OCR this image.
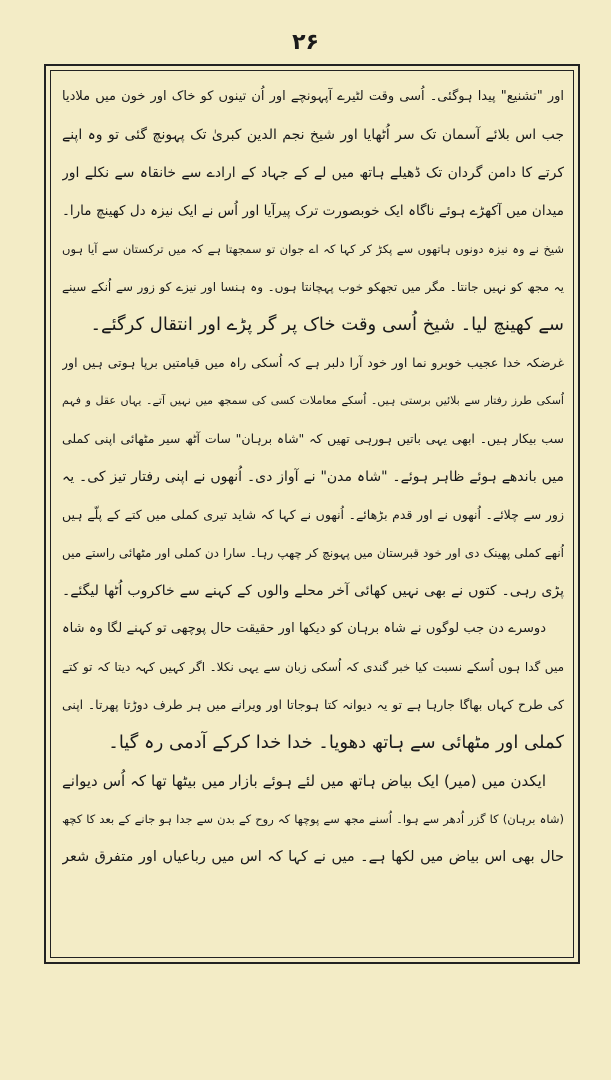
۲۶
اور "تشنیع" پیدا ہوگئی۔ اُسی وقت لٹیرے آپہونچے اور اُن تینوں کو خاک اور خون میں ملادیا
جب اس بلائے آسمان تک سر اُٹھایا اور شیخ نجم الدین کبریٰ تک پہونچ گئی تو وہ اپنے
کرتے کا دامن گردان تک ڈھیلے ہاتھ میں لے کے جہاد کے ارادے سے خانقاہ سے نکلے اور
میدان میں آکھڑے ہوئے ناگاہ ایک خوبصورت ترک پیرآیا اور اُس نے ایک نیزہ دل کھینچ مارا۔
شیخ نے وہ نیزہ دونوں ہاتھوں سے پکڑ کر کہا کہ اے جوان تو سمجھتا ہے کہ میں ترکستان سے آیا ہوں
یہ مجھ کو نہیں جانتا۔ مگر میں تجھکو خوب پہچانتا ہوں۔ وہ ہنسا اور نیزے کو زور سے اُنکے سینے
سے کھینچ لیا۔ شیخ اُسی وقت خاک پر گر پڑے اور انتقال کرگئے۔
غرضکہ خدا عجیب خوبرو نما اور خود آرا دلبر ہے کہ اُسکی راہ میں قیامتیں برپا ہوتی ہیں اور
اُسکی طرز رفتار سے بلائیں برستی ہیں۔ اُسکے معاملات کسی کی سمجھ میں نہیں آتے۔ یہاں عقل و فہم
سب بیکار ہیں۔ ابھی یہی باتیں ہورہی تھیں کہ "شاہ برہان" سات آٹھ سیر مٹھائی اپنی کملی
میں باندھے ہوئے ظاہر ہوئے۔ "شاہ مدن" نے آواز دی۔ اُنھوں نے اپنی رفتار تیز کی۔ یہ
زور سے چلائے۔ اُنھوں نے اور قدم بڑھائے۔ اُنھوں نے کہا کہ شاید تیری کملی میں کتے کے پلّے ہیں
اُنھے کملی پھینک دی اور خود قبرستان میں پہونچ کر چھپ رہا۔ سارا دن کملی اور مٹھائی راستے میں
پڑی رہی۔ کتوں نے بھی نہیں کھائی آخر محلے والوں کے کہنے سے خاکروب اُٹھا لیگئے۔
دوسرے دن جب لوگوں نے شاہ برہان کو دیکھا اور حقیقت حال پوچھی تو کہنے لگا وہ شاہ
میں گدا ہوں اُسکے نسبت کیا خبر گندی کہ اُسکی زبان سے یہی نکلا۔ اگر کہیں کہہ دیتا کہ تو کتے
کی طرح کہاں بھاگا جارہا ہے تو یہ دیوانہ کتا ہوجاتا اور ویرانے میں ہر طرف دوڑتا پھرتا۔ اپنی
کملی اور مٹھائی سے ہاتھ دھویا۔ خدا خدا کرکے آدمی رہ گیا۔
ایکدن میں (میر) ایک بیاض ہاتھ میں لئے ہوئے بازار میں بیٹھا تھا کہ اُس دیوانے
(شاہ برہان) کا گزر اُدھر سے ہوا۔ اُسنے مجھ سے پوچھا کہ روح کے بدن سے جدا ہو جانے کے بعد کا کچھ
حال بھی اس بیاض میں لکھا ہے۔ میں نے کہا کہ اس میں رباعیاں اور متفرق شعر
